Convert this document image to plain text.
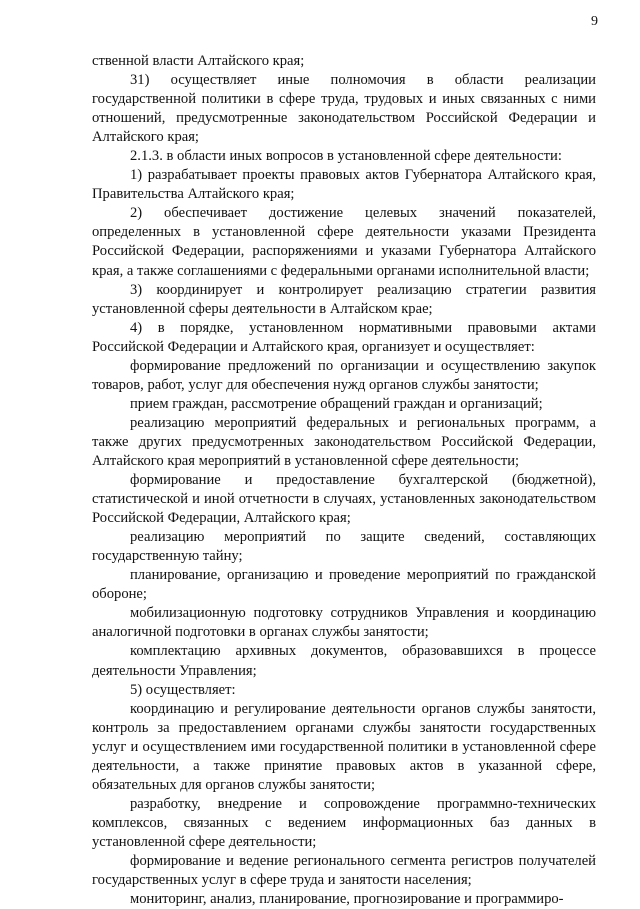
9

ственной власти Алтайского края;

31) осуществляет иные полномочия в области реализации государственной политики в сфере труда, трудовых и иных связанных с ними отношений, предусмотренные законодательством Российской Федерации и Алтайского края;

2.1.3. в области иных вопросов в установленной сфере деятельности:

1) разрабатывает проекты правовых актов Губернатора Алтайского края, Правительства Алтайского края;

2) обеспечивает достижение целевых значений показателей, определенных в установленной сфере деятельности указами Президента Российской Федерации, распоряжениями и указами Губернатора Алтайского края, а также соглашениями с федеральными органами исполнительной власти;

3) координирует и контролирует реализацию стратегии развития установленной сферы деятельности в Алтайском крае;

4) в порядке, установленном нормативными правовыми актами Российской Федерации и Алтайского края, организует и осуществляет:

формирование предложений по организации и осуществлению закупок товаров, работ, услуг для обеспечения нужд органов службы занятости;

прием граждан, рассмотрение обращений граждан и организаций;

реализацию мероприятий федеральных и региональных программ, а также других предусмотренных законодательством Российской Федерации, Алтайского края мероприятий в установленной сфере деятельности;

формирование и предоставление бухгалтерской (бюджетной), статистической и иной отчетности в случаях, установленных законодательством Российской Федерации, Алтайского края;

реализацию мероприятий по защите сведений, составляющих государственную тайну;

планирование, организацию и проведение мероприятий по гражданской обороне;

мобилизационную подготовку сотрудников Управления и координацию аналогичной подготовки в органах службы занятости;

комплектацию архивных документов, образовавшихся в процессе деятельности Управления;

5) осуществляет:

координацию и регулирование деятельности органов службы занятости, контроль за предоставлением органами службы занятости государственных услуг и осуществлением ими государственной политики в установленной сфере деятельности, а также принятие правовых актов в указанной сфере, обязательных для органов службы занятости;

разработку, внедрение и сопровождение программно-технических комплексов, связанных с ведением информационных баз данных в установленной сфере деятельности;

формирование и ведение регионального сегмента регистров получателей государственных услуг в сфере труда и занятости населения;

мониторинг, анализ, планирование, прогнозирование и программиро-
